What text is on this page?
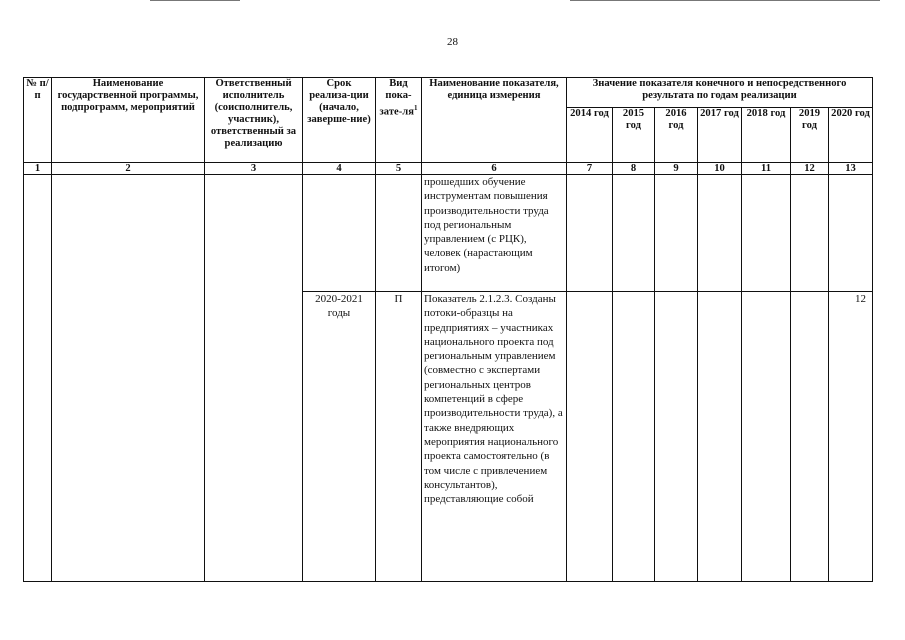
28
№ п/п	Наименование государственной программы, подпрограмм, мероприятий	Ответственный исполнитель (соисполнитель, участник), ответственный за реализацию	Срок реализа-ции (начало, заверше-ние)	Вид пока-$зате-ля^1$	Наименование показателя, единица измерения	Значение показателя конечного и непосредственного результата по годам реализации						
						2014 год	2015 год	2016 год	2017 год	2018 год	2019 год	2020 год
1	2	3	4	5	6	7	8	9	10	11	12	13
					прошедших обучение инструментам повышения производительности труда под региональным управлением (с РЦК), человек (нарастающим итогом)							
			2020-2021 годы	П	Показатель 2.1.2.3. Созданы потоки-образцы на предприятиях – участниках национального проекта под региональным управлением (совместно с экспертами региональных центров компетенций в сфере производительности труда), а также внедряющих мероприятия национального проекта самостоятельно (в том числе с привлечением консультантов), представляющие собой							12
